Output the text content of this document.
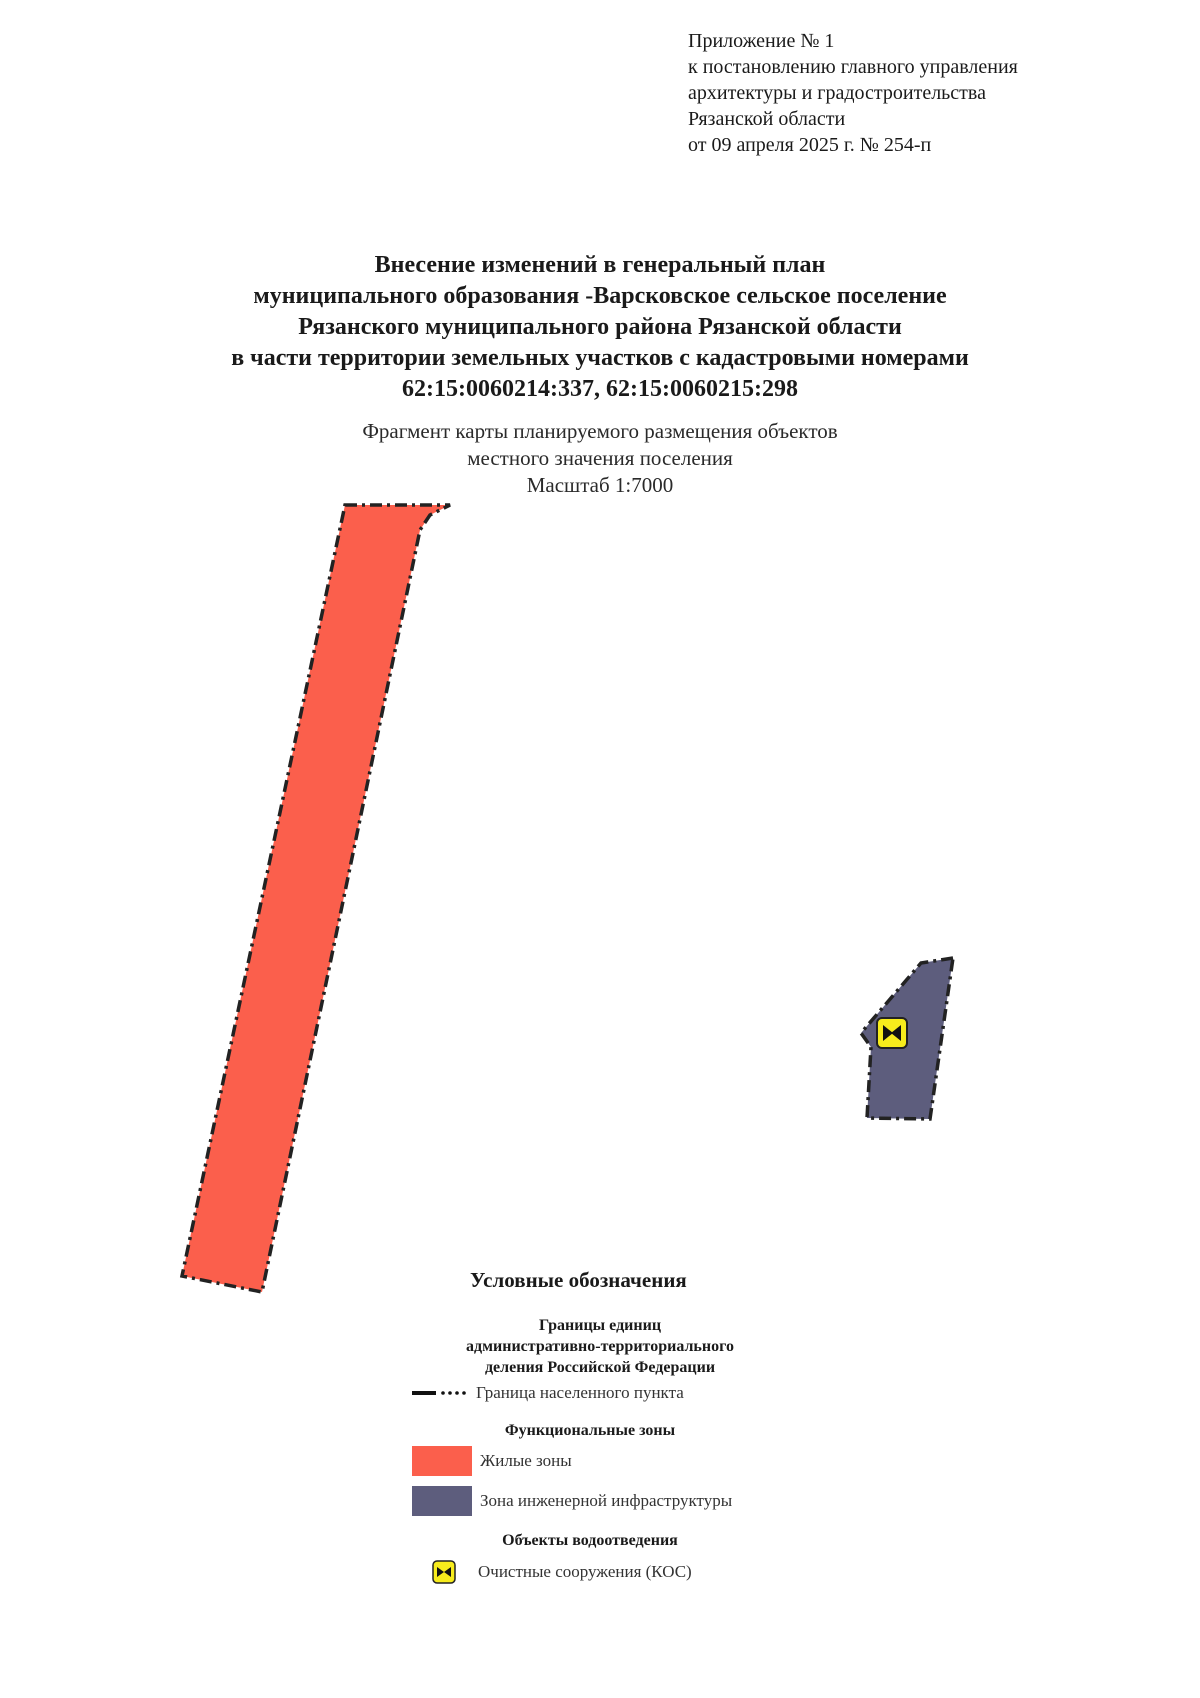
Приложение № 1
к постановлению главного управления
архитектуры и градостроительства
Рязанской области
от 09 апреля 2025 г. № 254-п
Внесение изменений в генеральный план
муниципального образования -Варсковское сельское поселение
Рязанского муниципального района Рязанской области
в части территории земельных участков с кадастровыми номерами
62:15:0060214:337, 62:15:0060215:298
Фрагмент карты планируемого размещения объектов
местного значения поселения
Масштаб 1:7000
Условные обозначения
Границы единиц
административно-территориального
деления Российской Федерации
Граница населенного пункта
Функциональные зоны
Жилые зоны
Зона инженерной инфраструктуры
Объекты водоотведения
Очистные сооружения (КОС)
